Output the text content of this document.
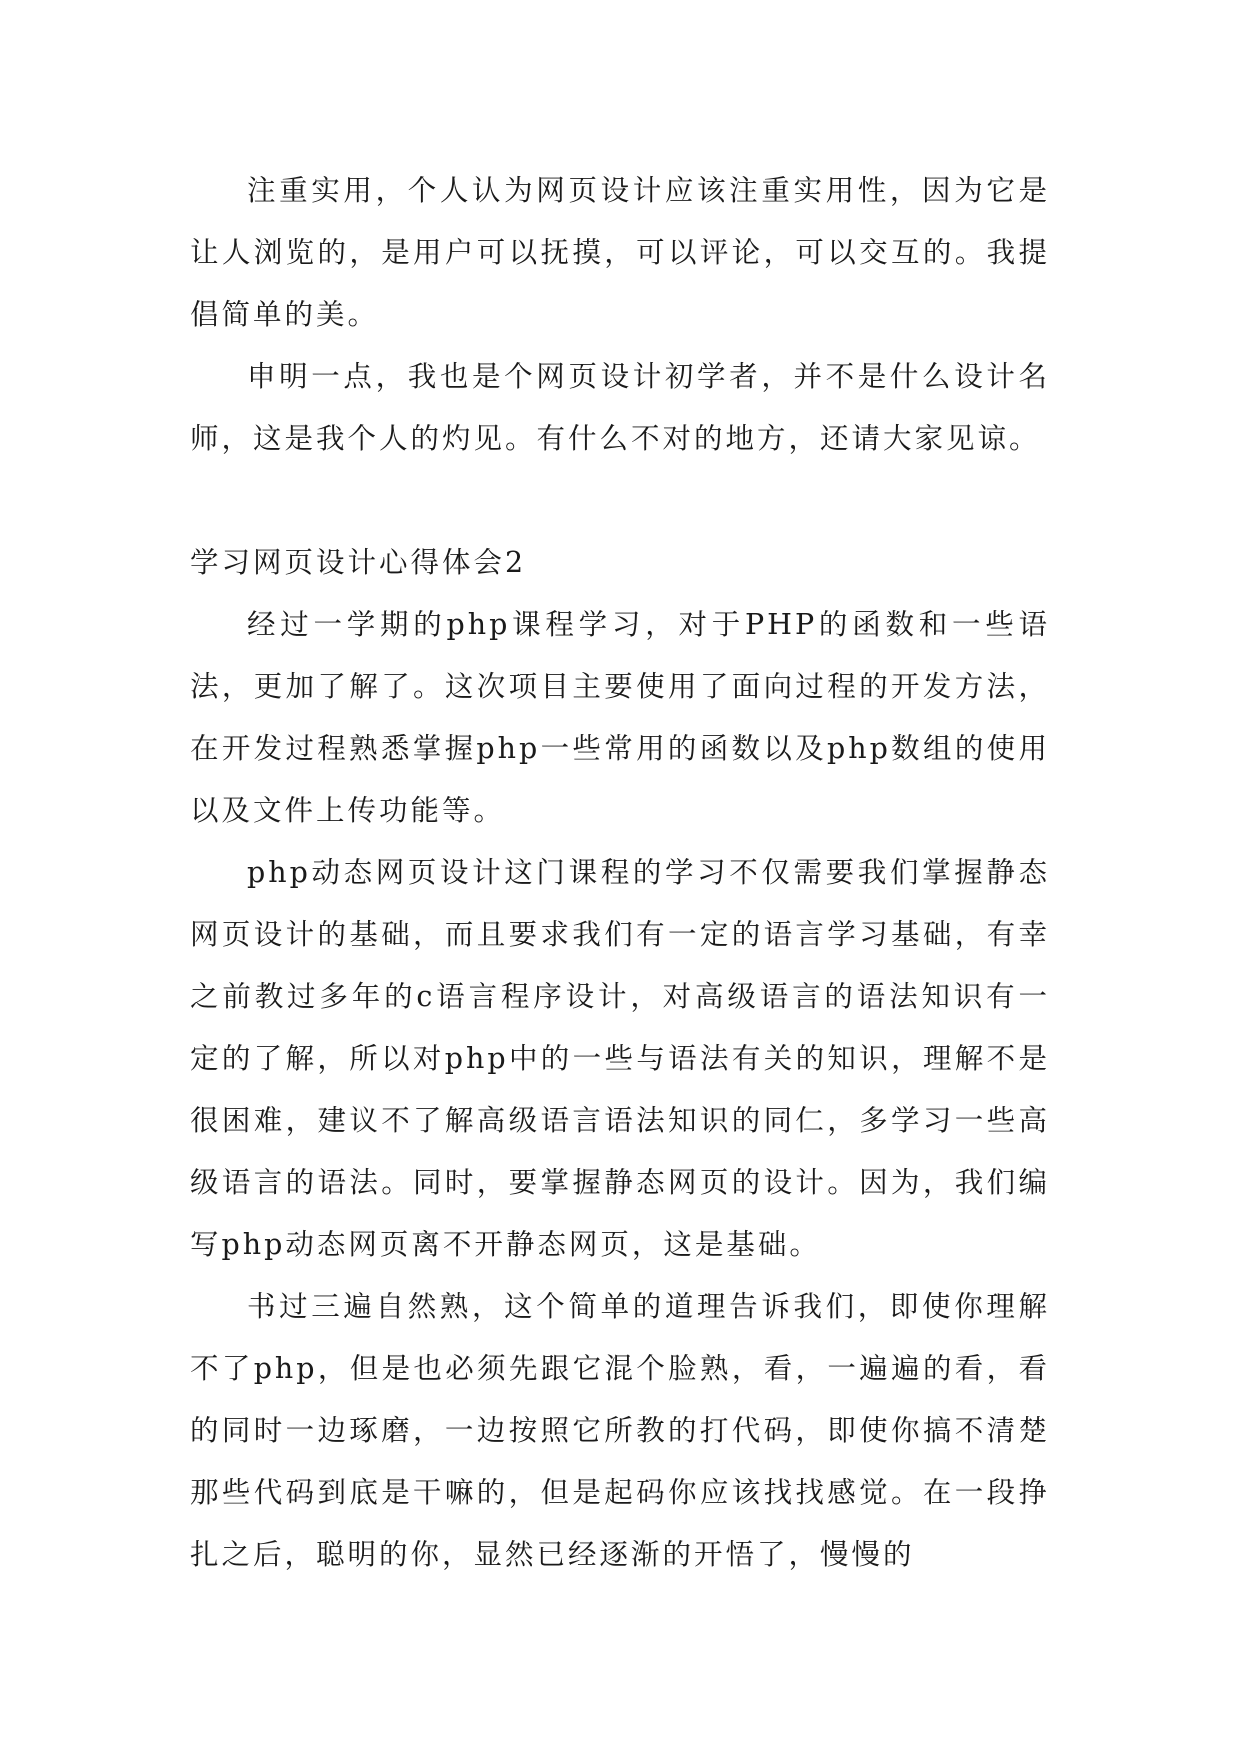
注重实用，个人认为网页设计应该注重实用性，因为它是让人浏览的，是用户可以抚摸，可以评论，可以交互的。我提倡简单的美。

申明一点，我也是个网页设计初学者，并不是什么设计名师，这是我个人的灼见。有什么不对的地方，还请大家见谅。

学习网页设计心得体会2

经过一学期的php课程学习，对于PHP的函数和一些语法，更加了解了。这次项目主要使用了面向过程的开发方法，在开发过程熟悉掌握php一些常用的函数以及php数组的使用以及文件上传功能等。

php动态网页设计这门课程的学习不仅需要我们掌握静态网页设计的基础，而且要求我们有一定的语言学习基础，有幸之前教过多年的c语言程序设计，对高级语言的语法知识有一定的了解，所以对php中的一些与语法有关的知识，理解不是很困难，建议不了解高级语言语法知识的同仁，多学习一些高级语言的语法。同时，要掌握静态网页的设计。因为，我们编写php动态网页离不开静态网页，这是基础。

书过三遍自然熟，这个简单的道理告诉我们，即使你理解不了php，但是也必须先跟它混个脸熟，看，一遍遍的看，看的同时一边琢磨，一边按照它所教的打代码，即使你搞不清楚那些代码到底是干嘛的，但是起码你应该找找感觉。在一段挣扎之后，聪明的你，显然已经逐渐的开悟了，慢慢的
